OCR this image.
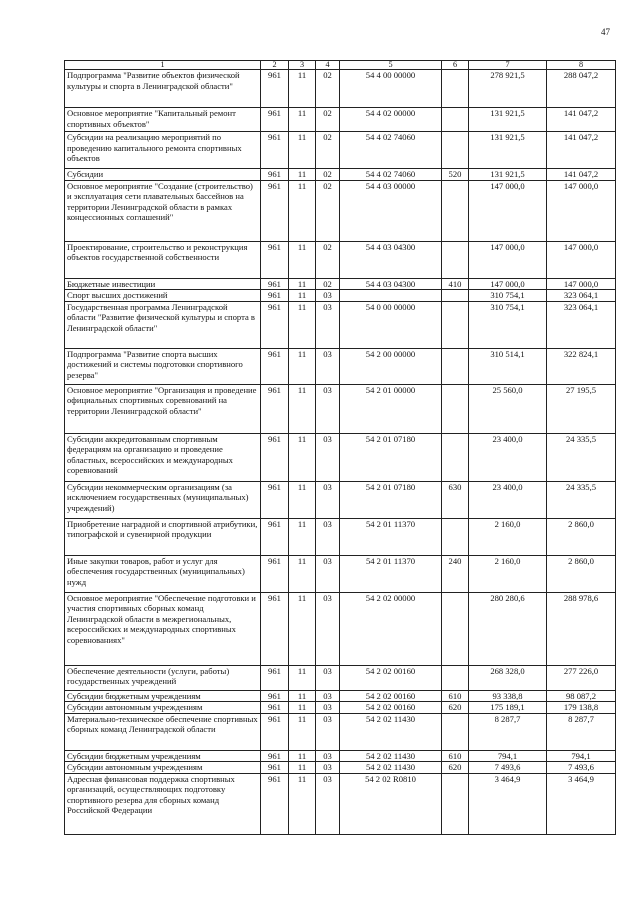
47
1	2	3	4	5	6	7	8
Подпрограмма "Развитие объектов физической культуры и спорта в Ленинградской области"	961	11	02	54 4 00 00000		278 921,5	288 047,2
Основное мероприятие "Капитальный ремонт спортивных объектов"	961	11	02	54 4 02 00000		131 921,5	141 047,2
Субсидии на реализацию мероприятий по проведению капитального ремонта спортивных объектов	961	11	02	54 4 02 74060		131 921,5	141 047,2
Субсидии	961	11	02	54 4 02 74060	520	131 921,5	141 047,2
Основное мероприятие "Создание (строительство) и эксплуатация сети плавательных бассейнов на территории Ленинградской области в рамках концессионных соглашений"	961	11	02	54 4 03 00000		147 000,0	147 000,0
Проектирование, строительство и реконструкция объектов государственной собственности	961	11	02	54 4 03 04300		147 000,0	147 000,0
Бюджетные инвестиции	961	11	02	54 4 03 04300	410	147 000,0	147 000,0
Спорт высших достижений	961	11	03			310 754,1	323 064,1
Государственная программа Ленинградской области "Развитие физической культуры и спорта в Ленинградской области"	961	11	03	54 0 00 00000		310 754,1	323 064,1
Подпрограмма "Развитие спорта высших достижений и системы подготовки спортивного резерва"	961	11	03	54 2 00 00000		310 514,1	322 824,1
Основное мероприятие "Организация и проведение официальных спортивных соревнований на территории Ленинградской области"	961	11	03	54 2 01 00000		25 560,0	27 195,5
Субсидии аккредитованным спортивным федерациям на организацию и проведение областных, всероссийских и международных соревнований	961	11	03	54 2 01 07180		23 400,0	24 335,5
Субсидии некоммерческим организациям (за исключением государственных (муниципальных) учреждений)	961	11	03	54 2 01 07180	630	23 400,0	24 335,5
Приобретение наградной и спортивной атрибутики, типографской и сувенирной продукции	961	11	03	54 2 01 11370		2 160,0	2 860,0
Иные закупки товаров, работ и услуг для обеспечения государственных (муниципальных) нужд	961	11	03	54 2 01 11370	240	2 160,0	2 860,0
Основное мероприятие "Обеспечение подготовки и участия спортивных сборных команд Ленинградской области в межрегиональных, всероссийских и международных спортивных соревнованиях"	961	11	03	54 2 02 00000		280 280,6	288 978,6
Обеспечение деятельности (услуги, работы) государственных учреждений	961	11	03	54 2 02 00160		268 328,0	277 226,0
Субсидии бюджетным учреждениям	961	11	03	54 2 02 00160	610	93 338,8	98 087,2
Субсидии автономным учреждениям	961	11	03	54 2 02 00160	620	175 189,1	179 138,8
Материально-техническое обеспечение спортивных сборных команд Ленинградской области	961	11	03	54 2 02 11430		8 287,7	8 287,7
Субсидии бюджетным учреждениям	961	11	03	54 2 02 11430	610	794,1	794,1
Субсидии автономным учреждениям	961	11	03	54 2 02 11430	620	7 493,6	7 493,6
Адресная финансовая поддержка спортивных организаций, осуществляющих подготовку спортивного резерва для сборных команд Российской Федерации	961	11	03	54 2 02 R0810		3 464,9	3 464,9
